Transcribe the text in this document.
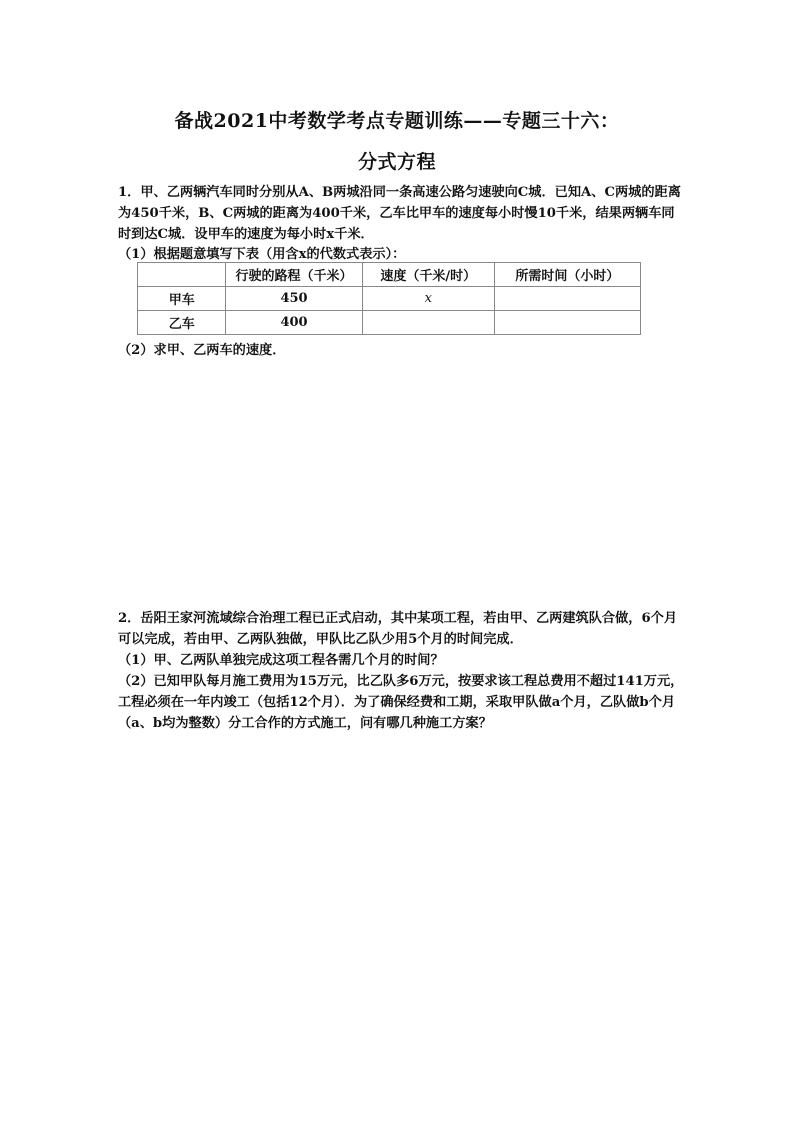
备战2021中考数学考点专题训练——专题三十六：
分式方程
1．甲、乙两辆汽车同时分别从A、B两城沿同一条高速公路匀速驶向C城．已知A、C两城的距离为450千米，B、C两城的距离为400千米，乙车比甲车的速度每小时慢10千米，结果两辆车同时到达C城．设甲车的速度为每小时x千米．
（1）根据题意填写下表（用含x的代数式表示）：
	行驶的路程（千米）	速度（千米/时）	所需时间（小时）
甲车	450	x	
乙车	400		
（2）求甲、乙两车的速度．
2．岳阳王家河流域综合治理工程已正式启动，其中某项工程，若由甲、乙两建筑队合做，6个月可以完成，若由甲、乙两队独做，甲队比乙队少用5个月的时间完成．
（1）甲、乙两队单独完成这项工程各需几个月的时间？
（2）已知甲队每月施工费用为15万元，比乙队多6万元，按要求该工程总费用不超过141万元，工程必须在一年内竣工（包括12个月）．为了确保经费和工期，采取甲队做a个月，乙队做b个月（a、b均为整数）分工合作的方式施工，问有哪几种施工方案？
